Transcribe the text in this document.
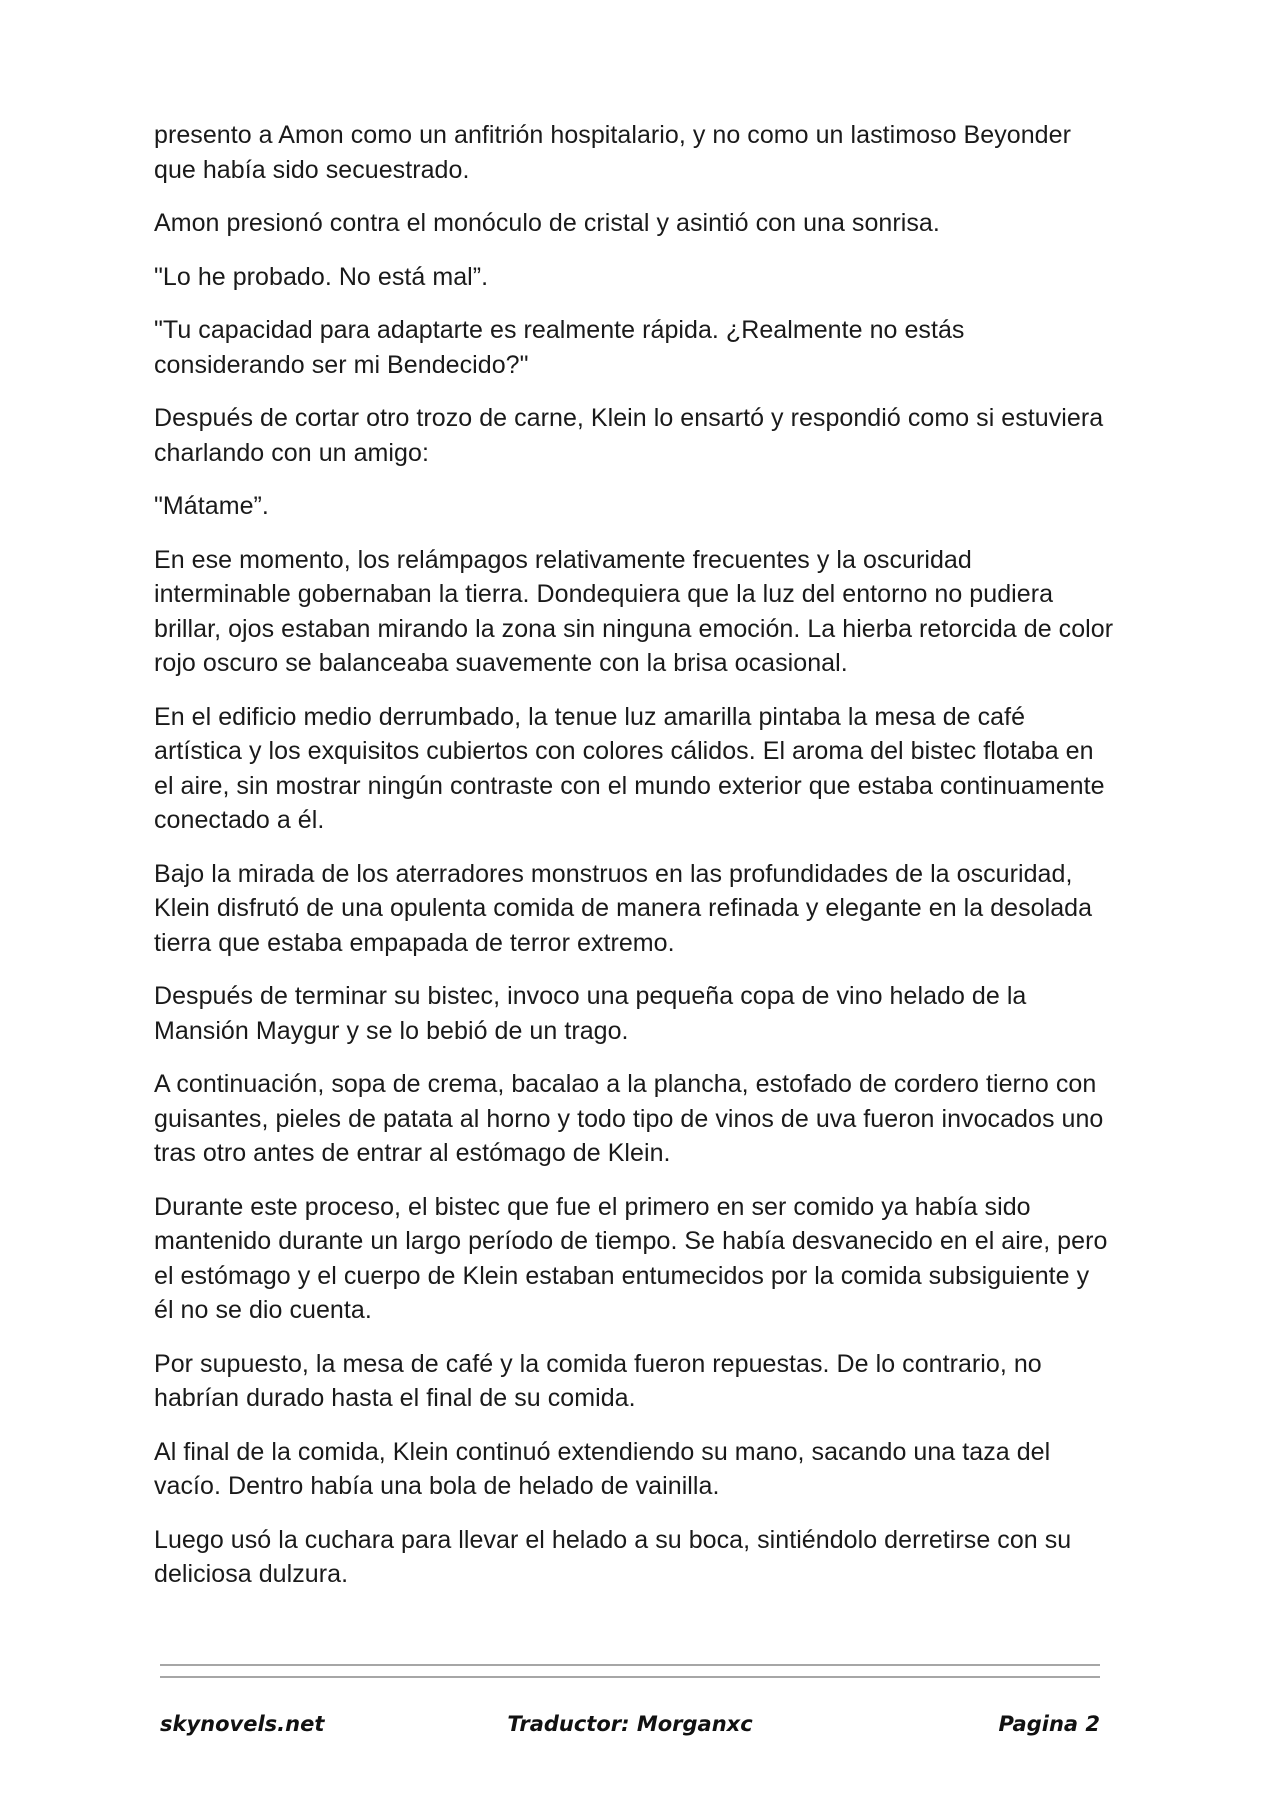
presento a Amon como un anfitrión hospitalario, y no como un lastimoso Beyonder que había sido secuestrado.

Amon presionó contra el monóculo de cristal y asintió con una sonrisa.

"Lo he probado. No está mal”.

"Tu capacidad para adaptarte es realmente rápida. ¿Realmente no estás considerando ser mi Bendecido?"

Después de cortar otro trozo de carne, Klein lo ensartó y respondió como si estuviera charlando con un amigo:

"Mátame”.

En ese momento, los relámpagos relativamente frecuentes y la oscuridad interminable gobernaban la tierra. Dondequiera que la luz del entorno no pudiera brillar, ojos estaban mirando la zona sin ninguna emoción. La hierba retorcida de color rojo oscuro se balanceaba suavemente con la brisa ocasional.

En el edificio medio derrumbado, la tenue luz amarilla pintaba la mesa de café artística y los exquisitos cubiertos con colores cálidos. El aroma del bistec flotaba en el aire, sin mostrar ningún contraste con el mundo exterior que estaba continuamente conectado a él.

Bajo la mirada de los aterradores monstruos en las profundidades de la oscuridad, Klein disfrutó de una opulenta comida de manera refinada y elegante en la desolada tierra que estaba empapada de terror extremo.

Después de terminar su bistec, invoco una pequeña copa de vino helado de la Mansión Maygur y se lo bebió de un trago.

A continuación, sopa de crema, bacalao a la plancha, estofado de cordero tierno con guisantes, pieles de patata al horno y todo tipo de vinos de uva fueron invocados uno tras otro antes de entrar al estómago de Klein.

Durante este proceso, el bistec que fue el primero en ser comido ya había sido mantenido durante un largo período de tiempo. Se había desvanecido en el aire, pero el estómago y el cuerpo de Klein estaban entumecidos por la comida subsiguiente y él no se dio cuenta.

Por supuesto, la mesa de café y la comida fueron repuestas. De lo contrario, no habrían durado hasta el final de su comida.

Al final de la comida, Klein continuó extendiendo su mano, sacando una taza del vacío. Dentro había una bola de helado de vainilla.

Luego usó la cuchara para llevar el helado a su boca, sintiéndolo derretirse con su deliciosa dulzura.

skynovels.net	Traductor: Morganxc	Pagina 2
